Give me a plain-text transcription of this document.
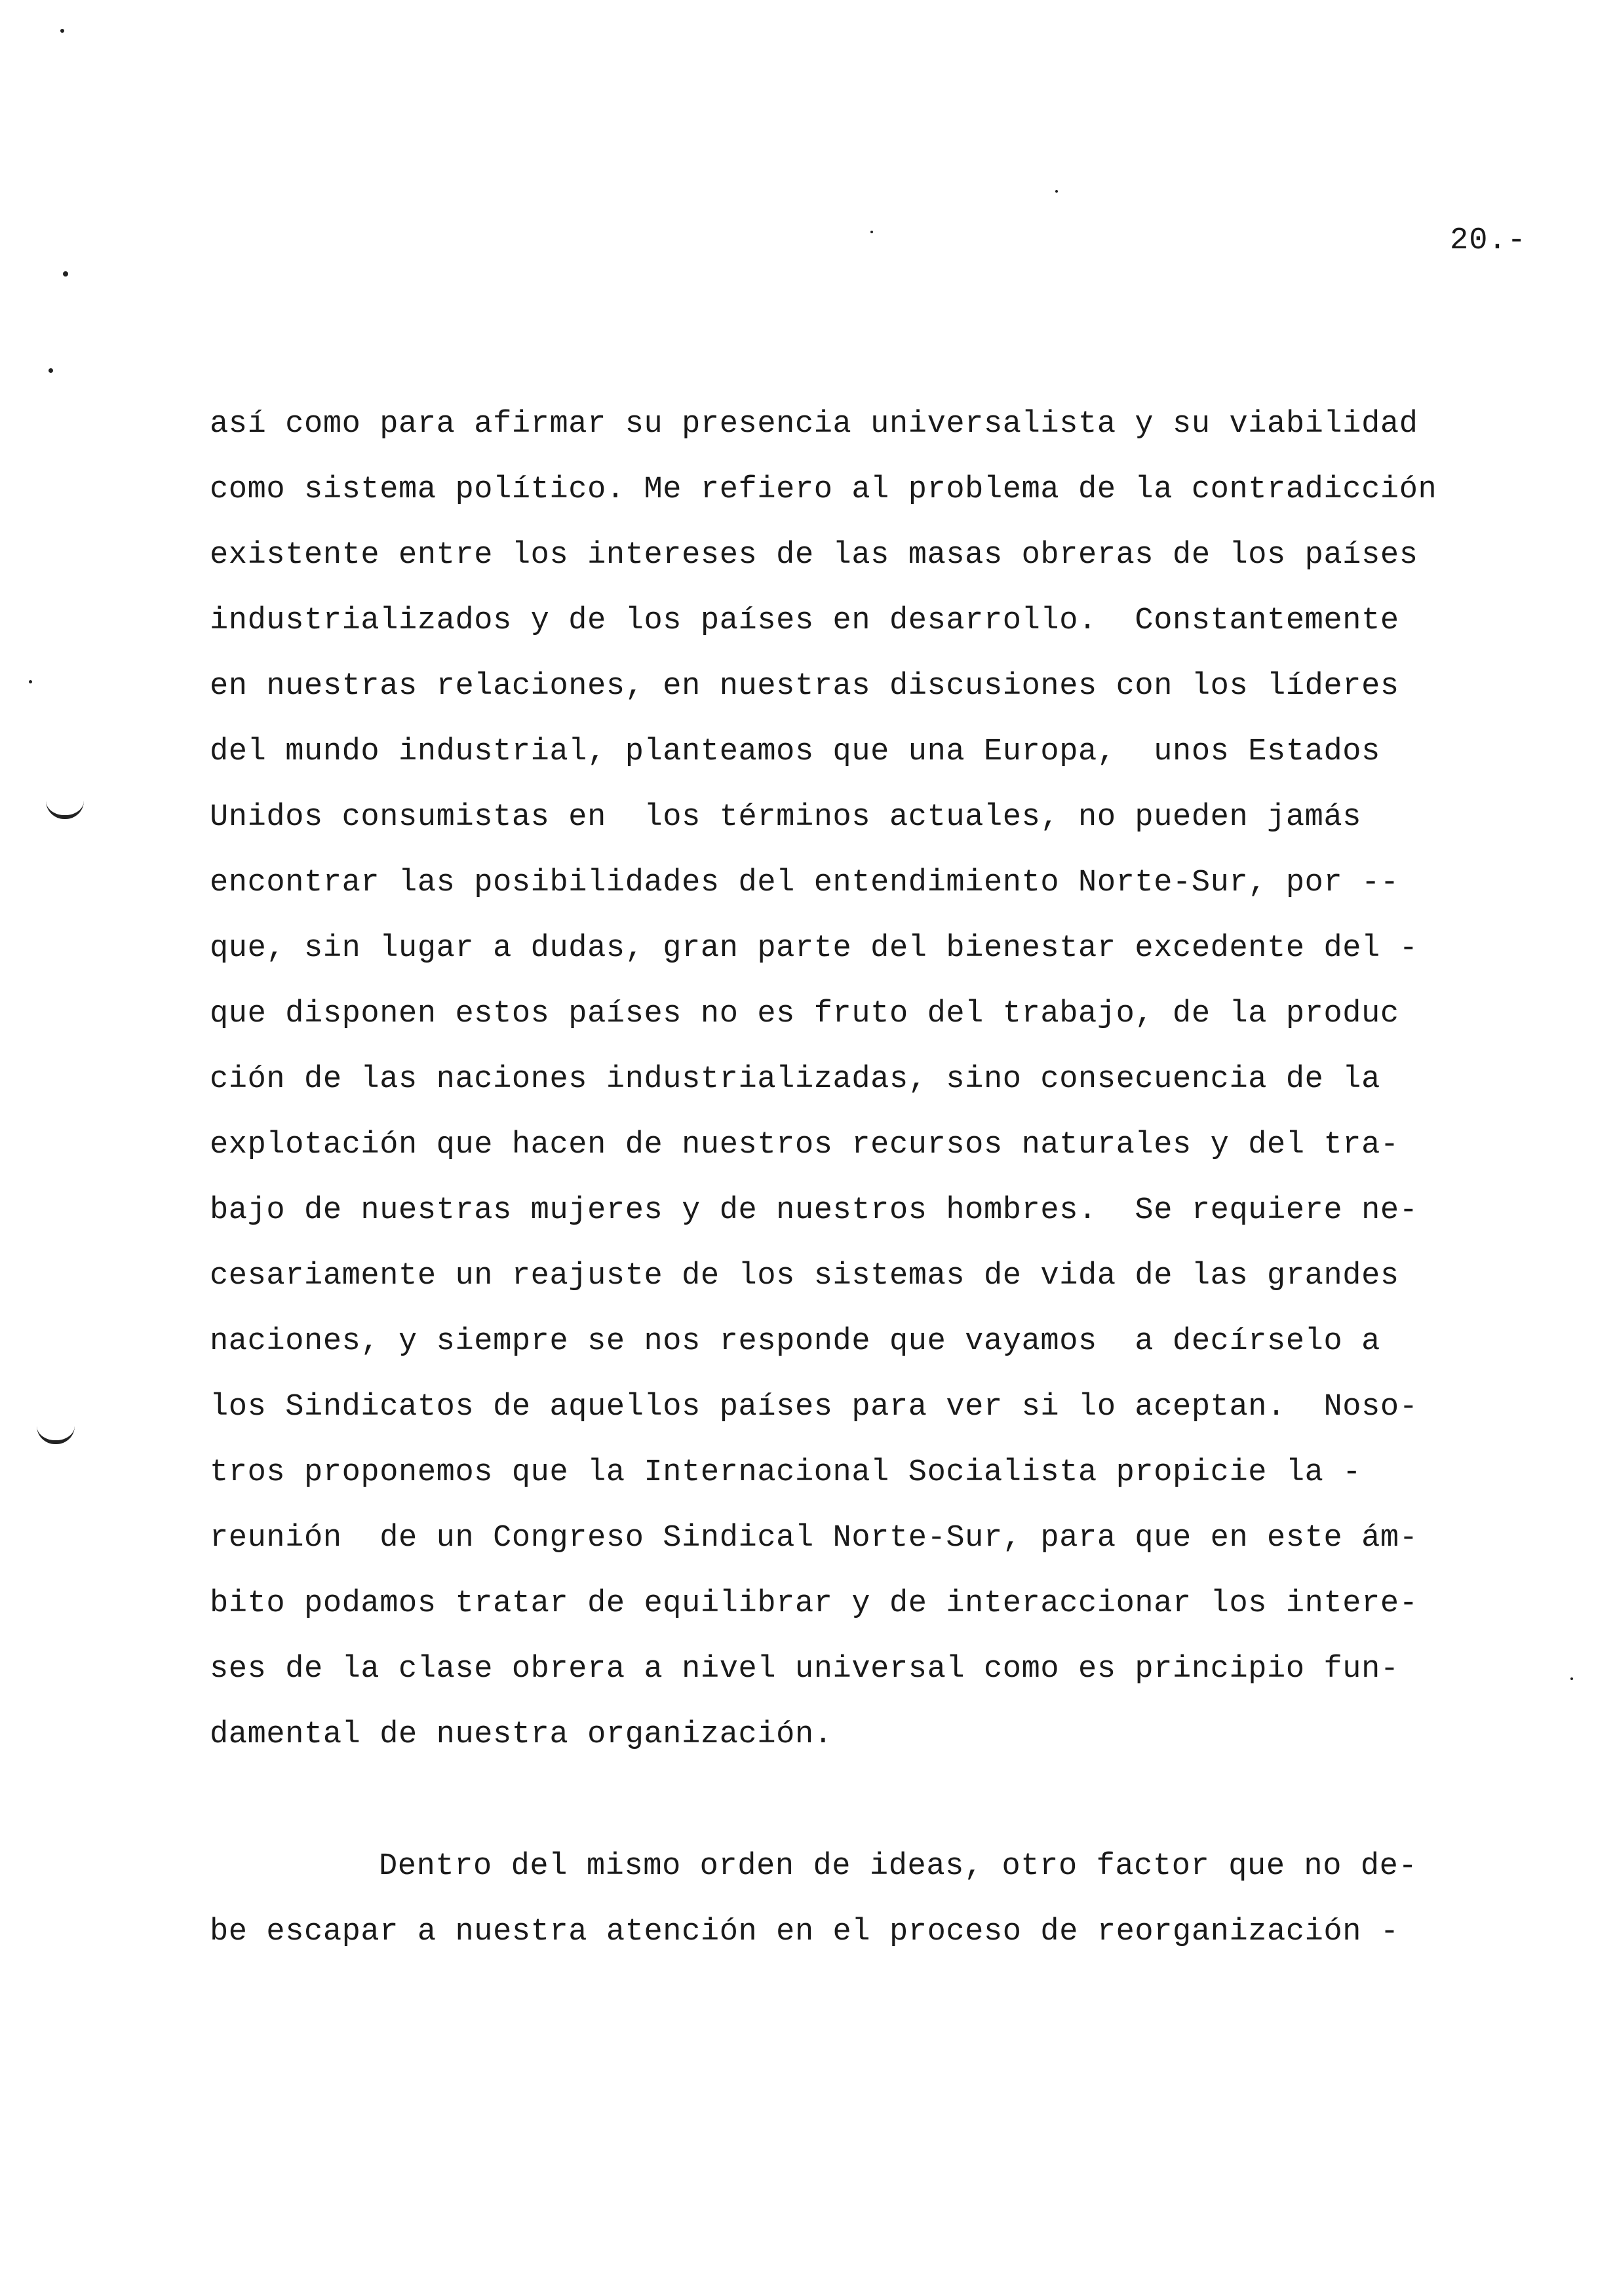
20.-
así como para afirmar su presencia universalista y su viabilidad
como sistema político. Me refiero al problema de la contradicción
existente entre los intereses de las masas obreras de los países
industrializados y de los países en desarrollo.  Constantemente
en nuestras relaciones, en nuestras discusiones con los líderes
del mundo industrial, planteamos que una Europa,  unos Estados
Unidos consumistas en  los términos actuales, no pueden jamás
encontrar las posibilidades del entendimiento Norte-Sur, por --
que, sin lugar a dudas, gran parte del bienestar excedente del -
que disponen estos países no es fruto del trabajo, de la produc
ción de las naciones industrializadas, sino consecuencia de la
explotación que hacen de nuestros recursos naturales y del tra-
bajo de nuestras mujeres y de nuestros hombres.  Se requiere ne-
cesariamente un reajuste de los sistemas de vida de las grandes
naciones, y siempre se nos responde que vayamos  a decírselo a
los Sindicatos de aquellos países para ver si lo aceptan.  Noso-
tros proponemos que la Internacional Socialista propicie la -
reunión  de un Congreso Sindical Norte-Sur, para que en este ám-
bito podamos tratar de equilibrar y de interaccionar los intere-
ses de la clase obrera a nivel universal como es principio fun-
damental de nuestra organización.
Dentro del mismo orden de ideas, otro factor que no de-
be escapar a nuestra atención en el proceso de reorganización -
